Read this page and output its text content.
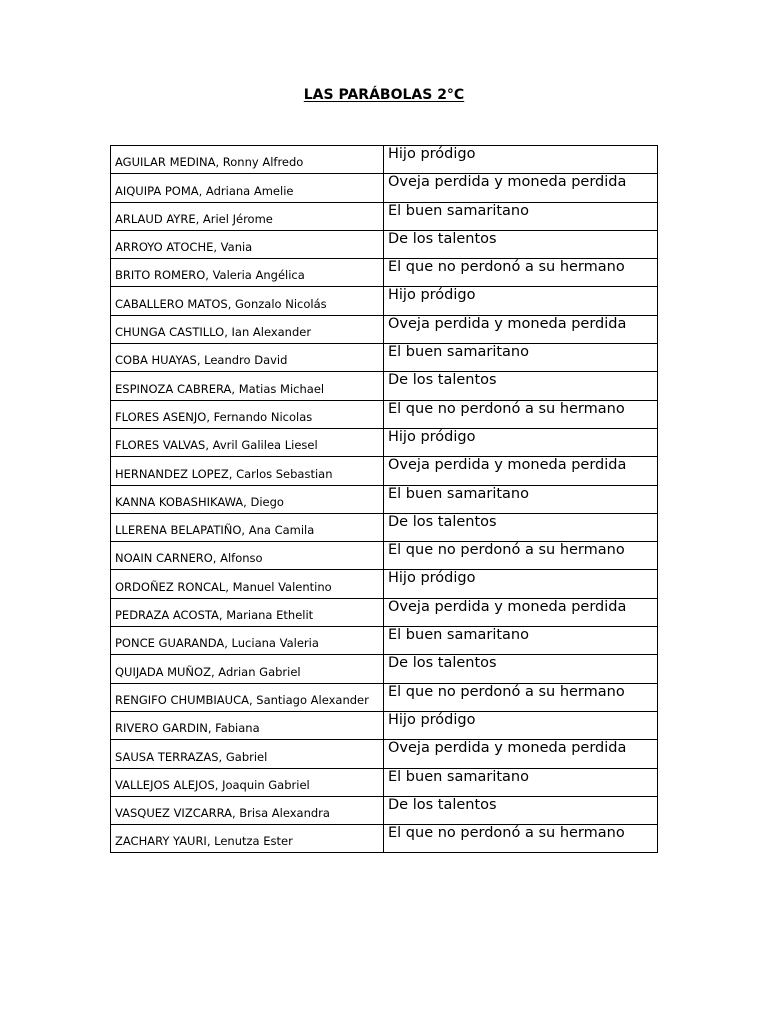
LAS PARÁBOLAS 2°C
AGUILAR MEDINA, Ronny Alfredo	Hijo pródigo
AIQUIPA POMA, Adriana Amelie	Oveja perdida y moneda perdida
ARLAUD AYRE, Ariel Jérome	El buen samaritano
ARROYO ATOCHE, Vania	De los talentos
BRITO ROMERO, Valeria Angélica	El que no perdonó a su hermano
CABALLERO MATOS, Gonzalo Nicolás	Hijo pródigo
CHUNGA CASTILLO, Ian Alexander	Oveja perdida y moneda perdida
COBA HUAYAS, Leandro David	El buen samaritano
ESPINOZA CABRERA, Matias Michael	De los talentos
FLORES ASENJO, Fernando Nicolas	El que no perdonó a su hermano
FLORES VALVAS, Avril Galilea Liesel	Hijo pródigo
HERNANDEZ LOPEZ, Carlos Sebastian	Oveja perdida y moneda perdida
KANNA KOBASHIKAWA, Diego	El buen samaritano
LLERENA BELAPATIÑO, Ana Camila	De los talentos
NOAIN CARNERO, Alfonso	El que no perdonó a su hermano
ORDOÑEZ RONCAL, Manuel Valentino	Hijo pródigo
PEDRAZA ACOSTA, Mariana Ethelit	Oveja perdida y moneda perdida
PONCE GUARANDA, Luciana Valeria	El buen samaritano
QUIJADA MUÑOZ, Adrian Gabriel	De los talentos
RENGIFO CHUMBIAUCA, Santiago Alexander	El que no perdonó a su hermano
RIVERO GARDIN, Fabiana	Hijo pródigo
SAUSA TERRAZAS, Gabriel	Oveja perdida y moneda perdida
VALLEJOS ALEJOS, Joaquin Gabriel	El buen samaritano
VASQUEZ VIZCARRA, Brisa Alexandra	De los talentos
ZACHARY YAURI, Lenutza Ester	El que no perdonó a su hermano
